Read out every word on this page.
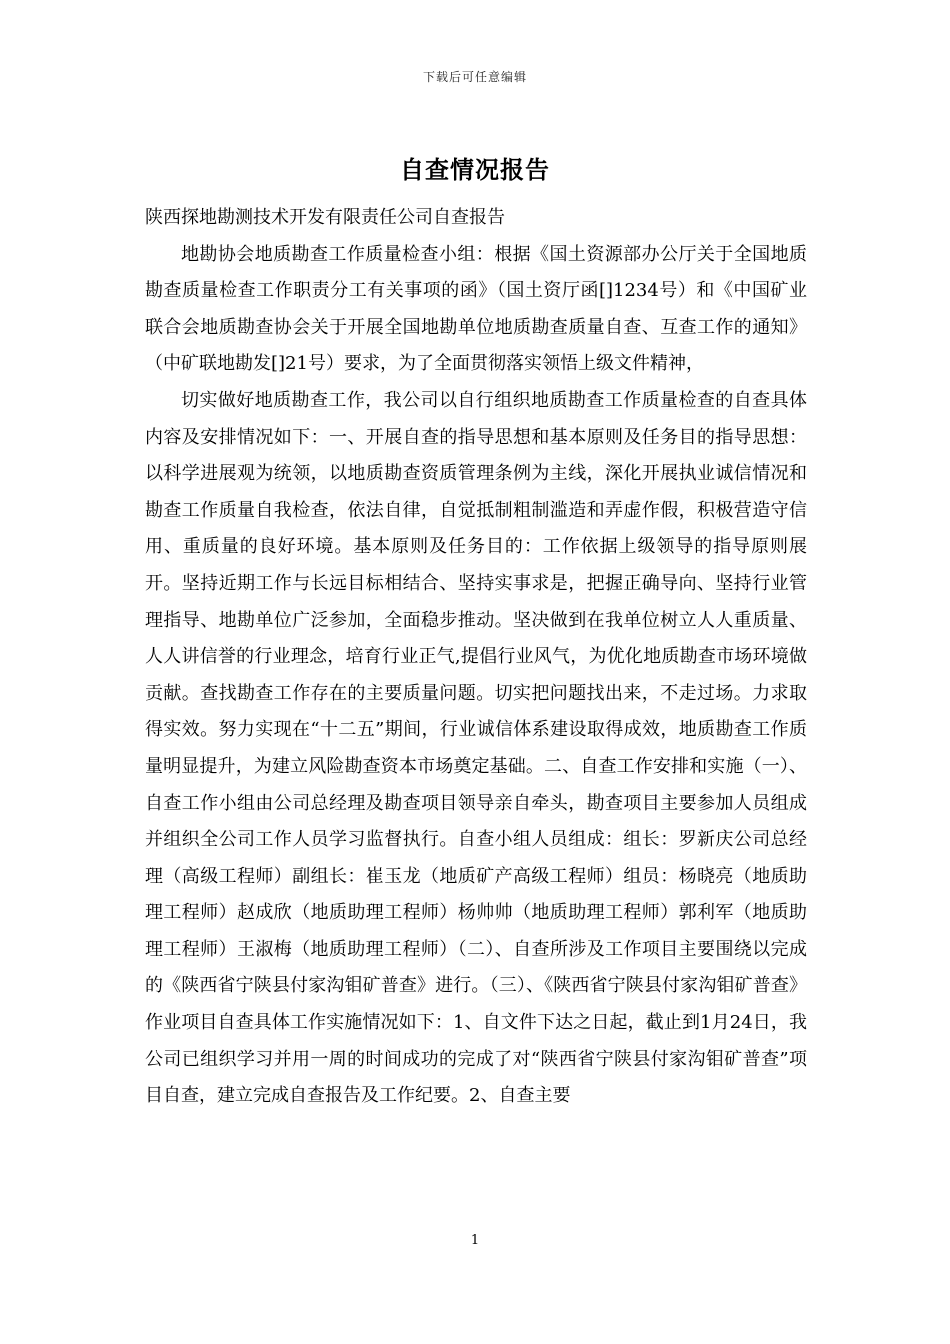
下载后可任意编辑
自查情况报告

陕西探地勘测技术开发有限责任公司自查报告

地勘协会地质勘查工作质量检查小组：根据《国土资源部办公厅关于全国地质勘查质量检查工作职责分工有关事项的函》（国土资厅函[]1234号）和《中国矿业联合会地质勘查协会关于开展全国地勘单位地质勘查质量自查、互查工作的通知》（中矿联地勘发[]21号）要求，为了全面贯彻落实领悟上级文件精神，

切实做好地质勘查工作，我公司以自行组织地质勘查工作质量检查的自查具体内容及安排情况如下：一、开展自查的指导思想和基本原则及任务目的指导思想：以科学进展观为统领，以地质勘查资质管理条例为主线，深化开展执业诚信情况和勘查工作质量自我检查，依法自律，自觉抵制粗制滥造和弄虚作假，积极营造守信用、重质量的良好环境。基本原则及任务目的：工作依据上级领导的指导原则展开。坚持近期工作与长远目标相结合、坚持实事求是，把握正确导向、坚持行业管理指导、地勘单位广泛参加，全面稳步推动。坚决做到在我单位树立人人重质量、人人讲信誉的行业理念，培育行业正气,提倡行业风气，为优化地质勘查市场环境做贡献。查找勘查工作存在的主要质量问题。切实把问题找出来，不走过场。力求取得实效。努力实现在“十二五”期间，行业诚信体系建设取得成效，地质勘查工作质量明显提升，为建立风险勘查资本市场奠定基础。二、自查工作安排和实施（一）、自查工作小组由公司总经理及勘查项目领导亲自牵头，勘查项目主要参加人员组成并组织全公司工作人员学习监督执行。自查小组人员组成：组长：罗新庆公司总经理（高级工程师）副组长：崔玉龙（地质矿产高级工程师）组员：杨晓亮（地质助理工程师）赵成欣（地质助理工程师）杨帅帅（地质助理工程师）郭利军（地质助理工程师）王淑梅（地质助理工程师）（二）、自查所涉及工作项目主要围绕以完成的《陕西省宁陕县付家沟钼矿普查》进行。（三）、《陕西省宁陕县付家沟钼矿普查》作业项目自查具体工作实施情况如下：1、自文件下达之日起，截止到1月24日，我公司已组织学习并用一周的时间成功的完成了对“陕西省宁陕县付家沟钼矿普查”项目自查，建立完成自查报告及工作纪要。2、自查主要

1
